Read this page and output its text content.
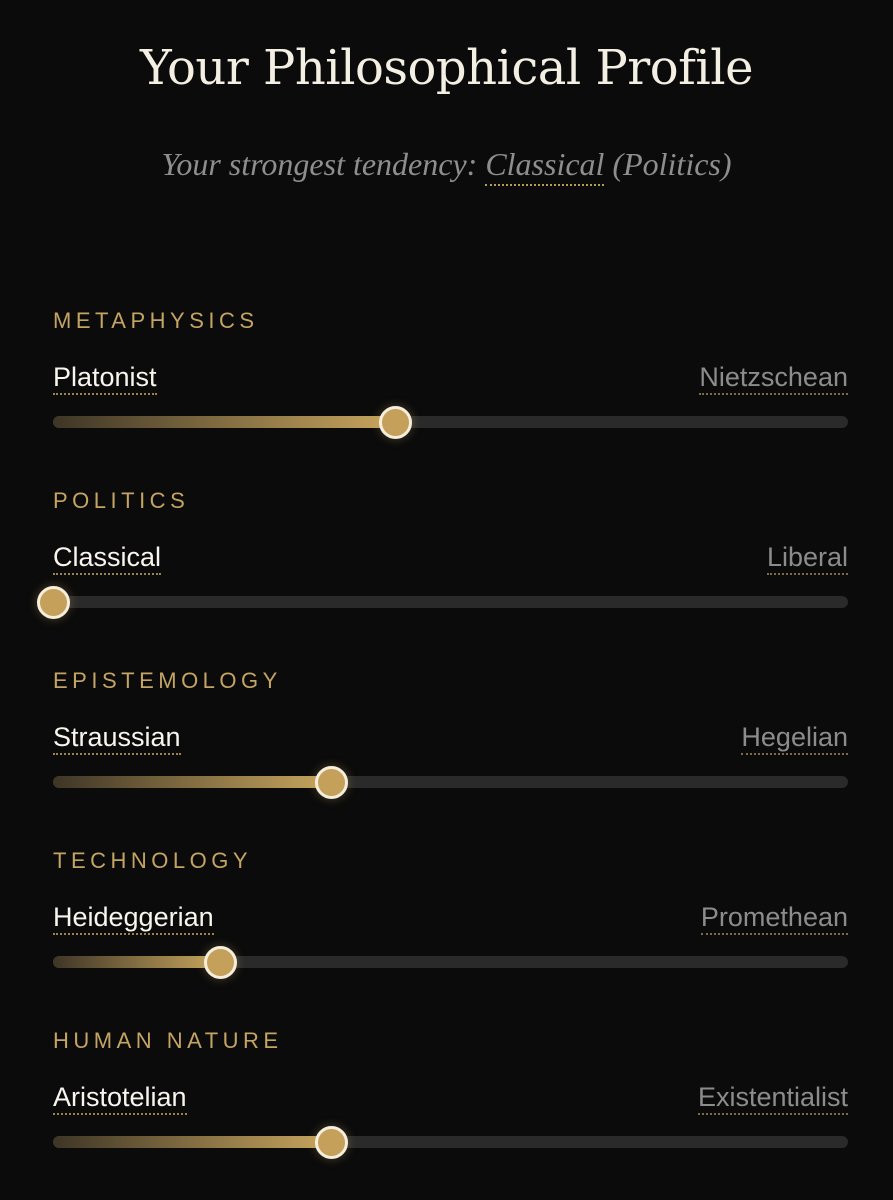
Your Philosophical Profile
Your strongest tendency: Classical (Politics)
METAPHYSICS
Platonist	Nietzschean
POLITICS
Classical	Liberal
EPISTEMOLOGY
Straussian	Hegelian
TECHNOLOGY
Heideggerian	Promethean
HUMAN NATURE
Aristotelian	Existentialist
